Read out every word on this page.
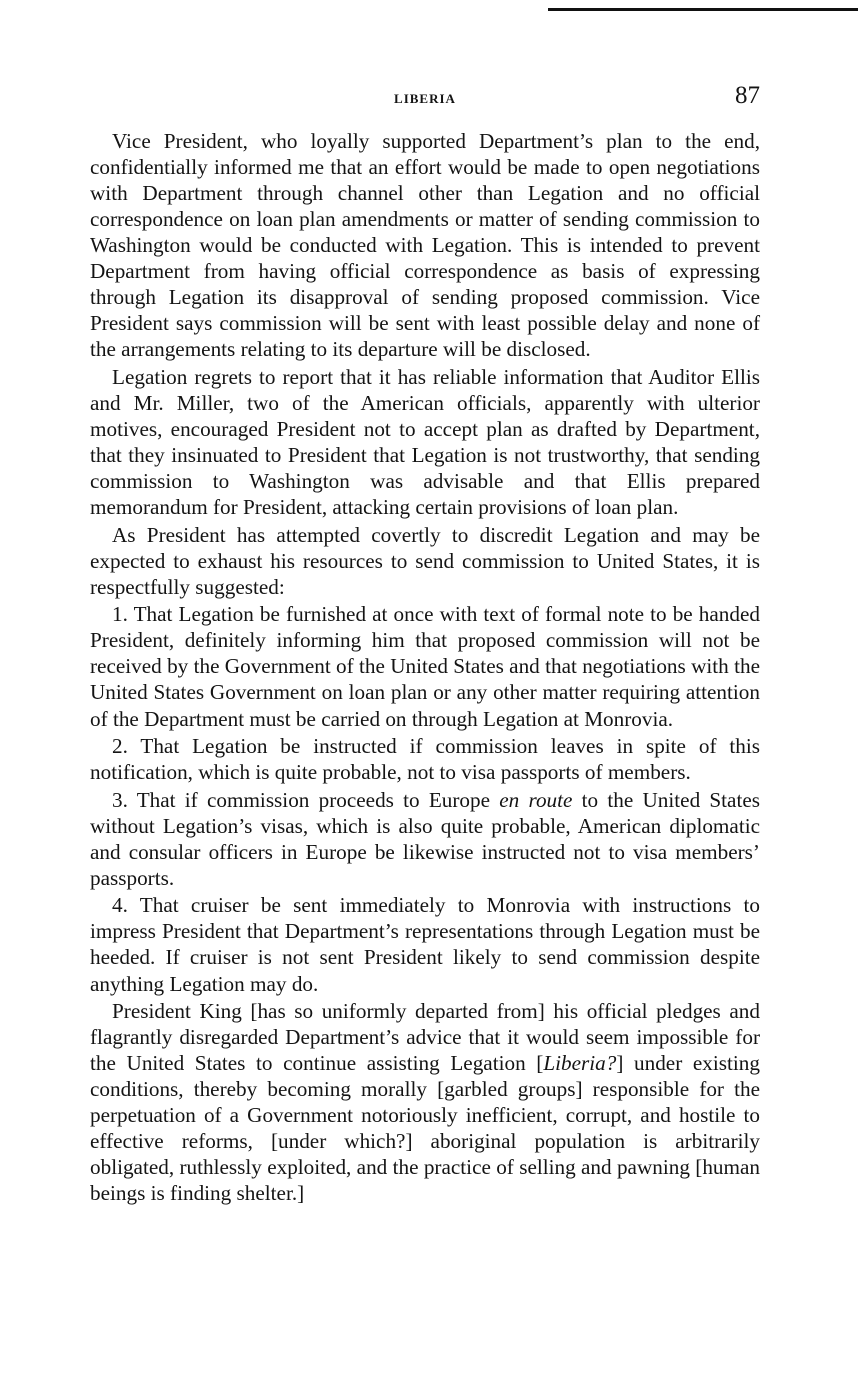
LIBERIA	87

Vice President, who loyally supported Department’s plan to the end, confidentially informed me that an effort would be made to open negotiations with Department through channel other than Legation and no official correspondence on loan plan amendments or matter of sending commission to Washington would be conducted with Legation. This is intended to prevent Department from having official correspondence as basis of expressing through Legation its disapproval of sending proposed commission. Vice President says commission will be sent with least possible delay and none of the arrangements relating to its departure will be disclosed.

Legation regrets to report that it has reliable information that Auditor Ellis and Mr. Miller, two of the American officials, apparently with ulterior motives, encouraged President not to accept plan as drafted by Department, that they insinuated to President that Legation is not trustworthy, that sending commission to Washington was advisable and that Ellis prepared memorandum for President, attacking certain provisions of loan plan.

As President has attempted covertly to discredit Legation and may be expected to exhaust his resources to send commission to United States, it is respectfully suggested:

1. That Legation be furnished at once with text of formal note to be handed President, definitely informing him that proposed commission will not be received by the Government of the United States and that negotiations with the United States Government on loan plan or any other matter requiring attention of the Department must be carried on through Legation at Monrovia.

2. That Legation be instructed if commission leaves in spite of this notification, which is quite probable, not to visa passports of members.

3. That if commission proceeds to Europe en route to the United States without Legation’s visas, which is also quite probable, American diplomatic and consular officers in Europe be likewise instructed not to visa members’ passports.

4. That cruiser be sent immediately to Monrovia with instructions to impress President that Department’s representations through Legation must be heeded. If cruiser is not sent President likely to send commission despite anything Legation may do.

President King [has so uniformly departed from] his official pledges and flagrantly disregarded Department’s advice that it would seem impossible for the United States to continue assisting Legation [Liberia?] under existing conditions, thereby becoming morally [garbled groups] responsible for the perpetuation of a Government notoriously inefficient, corrupt, and hostile to effective reforms, [under which?] aboriginal population is arbitrarily obligated, ruthlessly exploited, and the practice of selling and pawning [human beings is finding shelter.]
